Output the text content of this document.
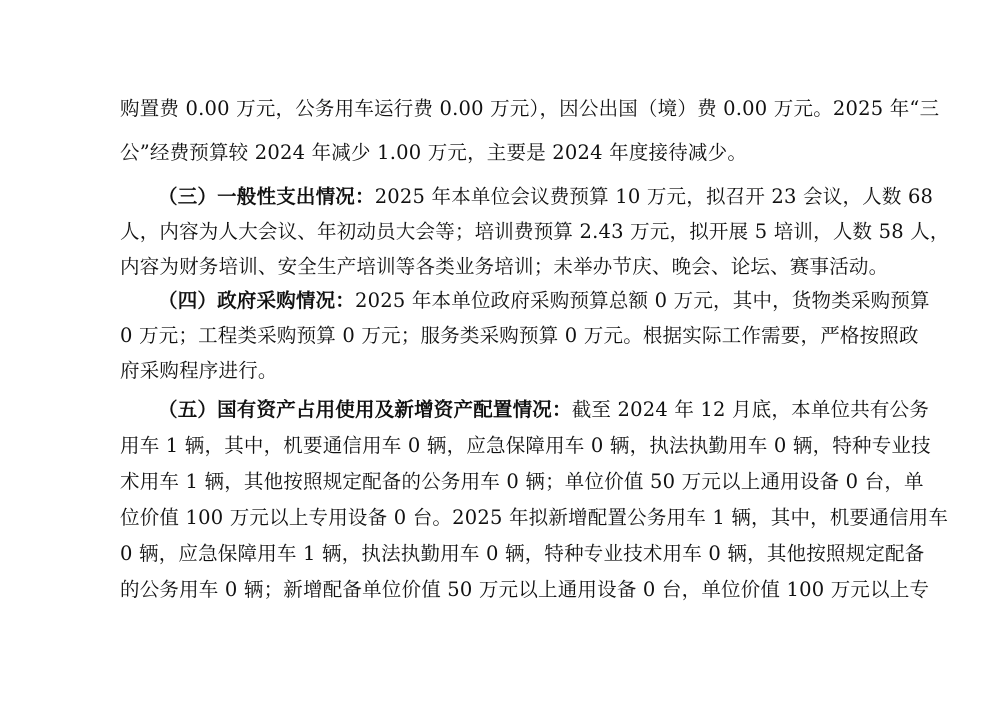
购置费 0.00 万元，公务用车运行费 0.00 万元），因公出国（境）费 0.00 万元。2025 年“三
公”经费预算较 2024 年减少 1.00 万元，主要是 2024 年度接待减少。
（三）一般性支出情况：2025 年本单位会议费预算 10 万元，拟召开 23 会议，人数 68
人，内容为人大会议、年初动员大会等；培训费预算 2.43 万元，拟开展 5 培训，人数 58 人，
内容为财务培训、安全生产培训等各类业务培训；未举办节庆、晚会、论坛、赛事活动。
（四）政府采购情况：2025 年本单位政府采购预算总额 0 万元，其中，货物类采购预算
0 万元；工程类采购预算 0 万元；服务类采购预算 0 万元。根据实际工作需要，严格按照政
府采购程序进行。
（五）国有资产占用使用及新增资产配置情况：截至 2024 年 12 月底，本单位共有公务
用车 1 辆，其中，机要通信用车 0 辆，应急保障用车 0 辆，执法执勤用车 0 辆，特种专业技
术用车 1 辆，其他按照规定配备的公务用车 0 辆；单位价值 50 万元以上通用设备 0 台，单
位价值 100 万元以上专用设备 0 台。2025 年拟新增配置公务用车 1 辆，其中，机要通信用车
0 辆，应急保障用车 1 辆，执法执勤用车 0 辆，特种专业技术用车 0 辆，其他按照规定配备
的公务用车 0 辆；新增配备单位价值 50 万元以上通用设备 0 台，单位价值 100 万元以上专
